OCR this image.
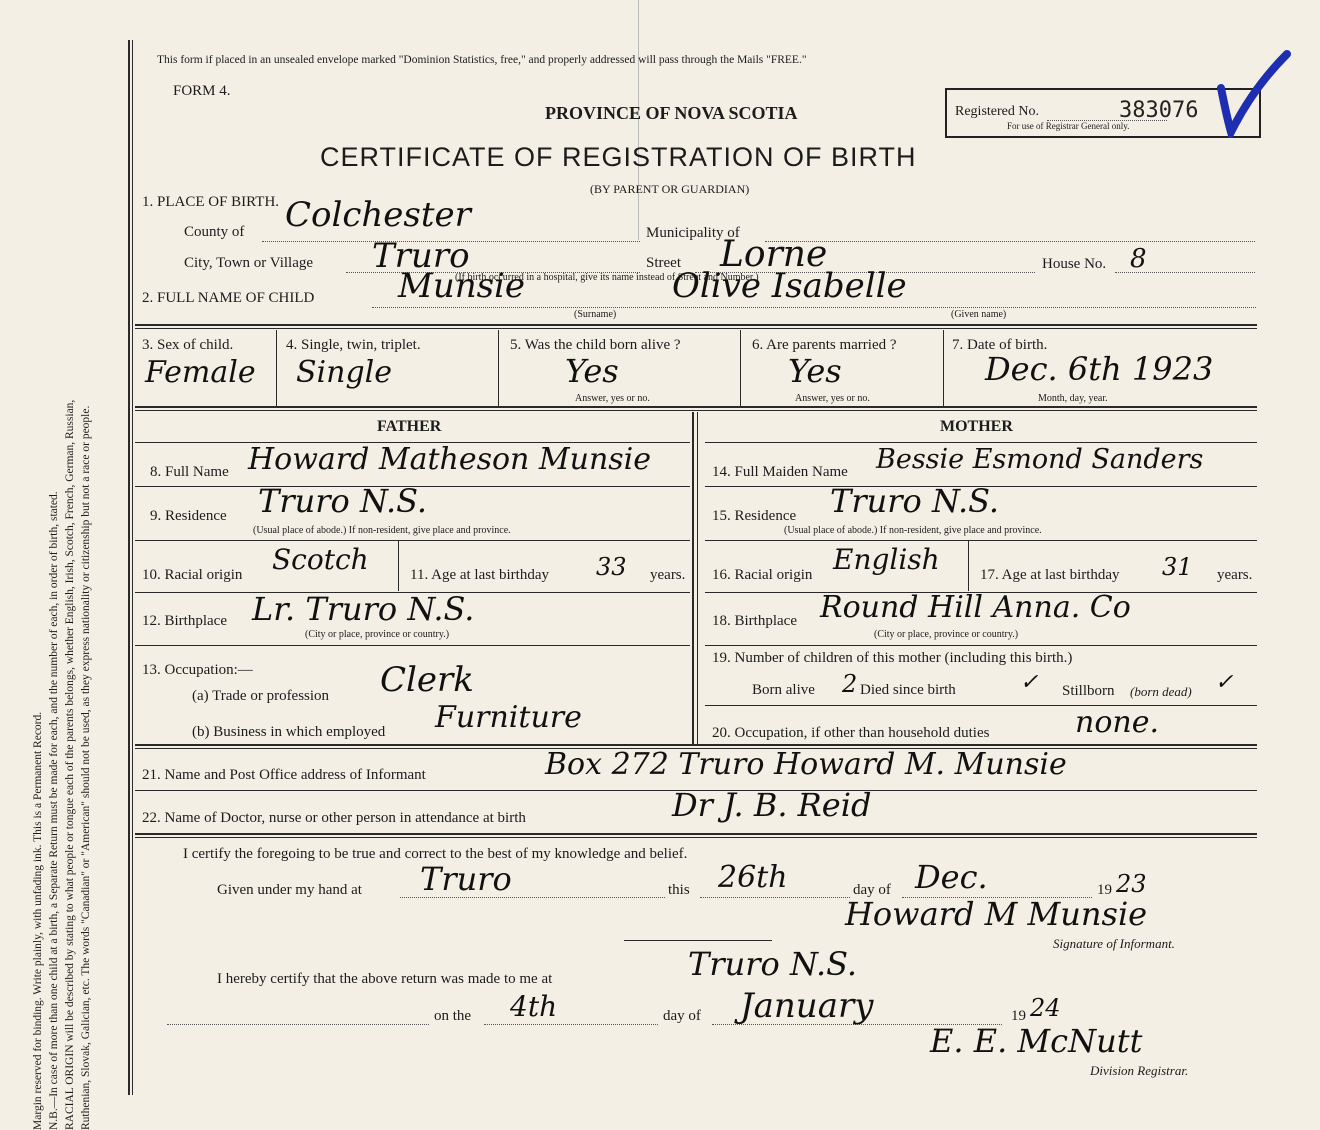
Margin reserved for binding. Write plainly, with unfading ink. This is a Permanent Record. N.B.—In case of more than one child at a birth, a Separate Return must be made for each, and the number of each, in order of birth, stated. RACIAL ORIGIN will be described by stating to what people or tongue each of the parents belongs, whether English, Irish, Scotch, French, German, Russian, Ruthenian, Slovak, Galician, etc. The words "Canadian" or "American" should not be used, as they express nationality or citizenship but not a race or people.
This form if placed in an unsealed envelope marked "Dominion Statistics, free," and properly addressed will pass through the Mails "FREE."
FORM 4.
PROVINCE OF NOVA SCOTIA
CERTIFICATE OF REGISTRATION OF BIRTH
(BY PARENT OR GUARDIAN)
Registered No.	383076
For use of Registrar General only.
1. PLACE OF BIRTH.
County of Colchester	Municipality of
City, Town or Village Truro	Street Lorne	House No. 8
(If birth occurred in a hospital, give its name instead of Street and Number.)
2. FULL NAME OF CHILD Munsie	Olive Isabelle
(Surname)	(Given name)
3. Sex of child.
Female
4. Single, twin, triplet.
Single
5. Was the child born alive ?
Yes
Answer, yes or no.
6. Are parents married ?
Yes
Answer, yes or no.
7. Date of birth.
Dec. 6th 1923
Month, day, year.
FATHER	MOTHER
8. Full Name Howard Matheson Munsie	14. Full Maiden Name Bessie Esmond Sanders
9. Residence Truro N.S.
(Usual place of abode.) If non-resident, give place and province.
15. Residence Truro N.S.
(Usual place of abode.) If non-resident, give place and province.
10. Racial origin Scotch	11. Age at last birthday 33 years. 16. Racial origin English	17. Age at last birthday 31 years.
12. Birthplace Lr. Truro N.S.
(City or place, province or country.)
18. Birthplace Round Hill Anna. Co
(City or place, province or country.)
13. Occupation:—
(a) Trade or profession Clerk
(b) Business in which employed Furniture
19. Number of children of this mother (including this birth.)
Born alive 2 Died since birth	✓ Stillborn (born dead) ✓
20. Occupation, if other than household duties	none.
21. Name and Post Office address of Informant	Box 272 Truro Howard M. Munsie
22. Name of Doctor, nurse or other person in attendance at birth	Dr J. B. Reid
I certify the foregoing to be true and correct to the best of my knowledge and belief.
Given under my hand at Truro	this 26th	day of Dec.	19 23
Howard M Munsie
Signature of Informant.
I hereby certify that the above return was made to me at	Truro N.S.
on the 4th	day of January	19 24
E. E. McNutt
Division Registrar.
